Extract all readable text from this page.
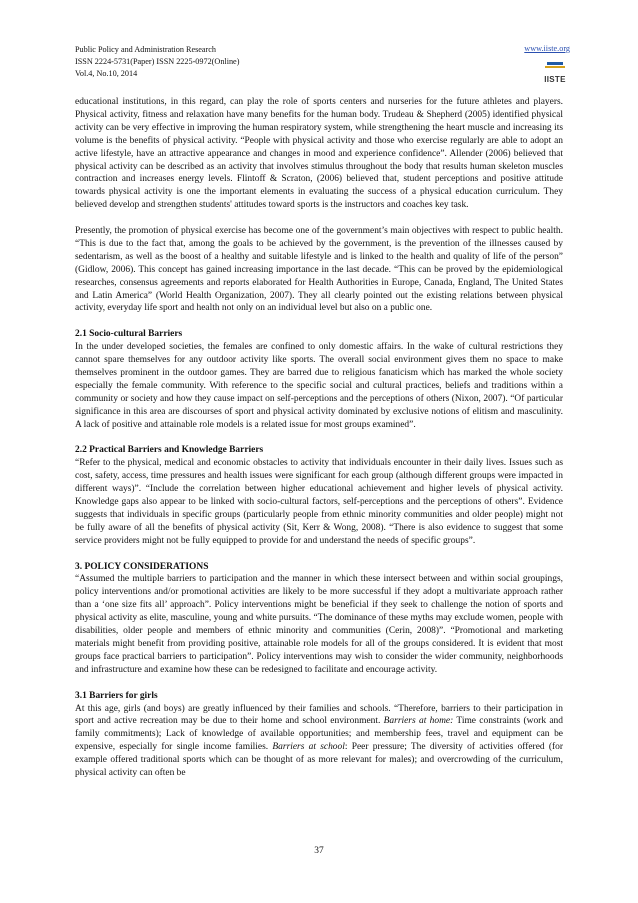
Public Policy and Administration Research
ISSN 2224-5731(Paper) ISSN 2225-0972(Online)
Vol.4, No.10, 2014
www.iiste.org
IISTE

educational institutions, in this regard, can play the role of sports centers and nurseries for the future athletes and players. Physical activity, fitness and relaxation have many benefits for the human body. Trudeau & Shepherd (2005) identified physical activity can be very effective in improving the human respiratory system, while strengthening the heart muscle and increasing its volume is the benefits of physical activity. “People with physical activity and those who exercise regularly are able to adopt an active lifestyle, have an attractive appearance and changes in mood and experience confidence”. Allender (2006) believed that physical activity can be described as an activity that involves stimulus throughout the body that results human skeleton muscles contraction and increases energy levels. Flintoff & Scraton, (2006) believed that, student perceptions and positive attitude towards physical activity is one the important elements in evaluating the success of a physical education curriculum. They believed develop and strengthen students' attitudes toward sports is the instructors and coaches key task.

Presently, the promotion of physical exercise has become one of the government’s main objectives with respect to public health. “This is due to the fact that, among the goals to be achieved by the government, is the prevention of the illnesses caused by sedentarism, as well as the boost of a healthy and suitable lifestyle and is linked to the health and quality of life of the person” (Gidlow, 2006). This concept has gained increasing importance in the last decade. “This can be proved by the epidemiological researches, consensus agreements and reports elaborated for Health Authorities in Europe, Canada, England, The United States and Latin America” (World Health Organization, 2007). They all clearly pointed out the existing relations between physical activity, everyday life sport and health not only on an individual level but also on a public one.

2.1 Socio-cultural Barriers
In the under developed societies, the females are confined to only domestic affairs. In the wake of cultural restrictions they cannot spare themselves for any outdoor activity like sports. The overall social environment gives them no space to make themselves prominent in the outdoor games. They are barred due to religious fanaticism which has marked the whole society especially the female community. With reference to the specific social and cultural practices, beliefs and traditions within a community or society and how they cause impact on self-perceptions and the perceptions of others (Nixon, 2007). “Of particular significance in this area are discourses of sport and physical activity dominated by exclusive notions of elitism and masculinity. A lack of positive and attainable role models is a related issue for most groups examined”.

2.2 Practical Barriers and Knowledge Barriers
“Refer to the physical, medical and economic obstacles to activity that individuals encounter in their daily lives. Issues such as cost, safety, access, time pressures and health issues were significant for each group (although different groups were impacted in different ways)”. “Include the correlation between higher educational achievement and higher levels of physical activity. Knowledge gaps also appear to be linked with socio-cultural factors, self-perceptions and the perceptions of others”. Evidence suggests that individuals in specific groups (particularly people from ethnic minority communities and older people) might not be fully aware of all the benefits of physical activity (Sit, Kerr & Wong, 2008). “There is also evidence to suggest that some service providers might not be fully equipped to provide for and understand the needs of specific groups”.

3. POLICY CONSIDERATIONS
“Assumed the multiple barriers to participation and the manner in which these intersect between and within social groupings, policy interventions and/or promotional activities are likely to be more successful if they adopt a multivariate approach rather than a ‘one size fits all’ approach”. Policy interventions might be beneficial if they seek to challenge the notion of sports and physical activity as elite, masculine, young and white pursuits. “The dominance of these myths may exclude women, people with disabilities, older people and members of ethnic minority and communities (Cerin, 2008)”. “Promotional and marketing materials might benefit from providing positive, attainable role models for all of the groups considered. It is evident that most groups face practical barriers to participation”. Policy interventions may wish to consider the wider community, neighborhoods and infrastructure and examine how these can be redesigned to facilitate and encourage activity.

3.1 Barriers for girls
At this age, girls (and boys) are greatly influenced by their families and schools. “Therefore, barriers to their participation in sport and active recreation may be due to their home and school environment. Barriers at home: Time constraints (work and family commitments); Lack of knowledge of available opportunities; and membership fees, travel and equipment can be expensive, especially for single income families. Barriers at school: Peer pressure; The diversity of activities offered (for example offered traditional sports which can be thought of as more relevant for males); and overcrowding of the curriculum, physical activity can often be

37
